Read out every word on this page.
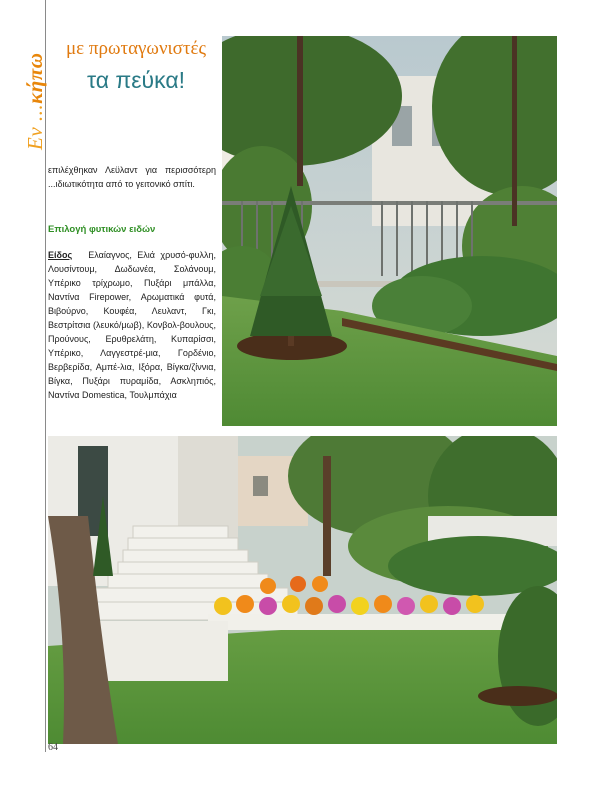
Εν ...κήπω
με πρωταγωνιστές
τα πεύκα!
επιλέχθηκαν Λεϋλαντ για περισσότερη ...ιδιωτικότητα από το γειτονικό σπίτι.
Επιλογή φυτικών ειδών
Είδος Ελαίαγνος, Ελιά χρυσό-φυλλη, Λουσίντουμ, Δωδωνέα, Σολάνουμ, Υπέρικο τρίχρωμο, Πυξάρι μπάλλα, Ναντίνα Firepower, Αρωματικά φυτά, Βιβούρνο, Κουφέα, Λευλαντ, Γκι, Βεστρίτσια (λευκό/μωβ), Κονβολ-βουλους, Πρoύνους, Ερυθρελάτη, Κυπαρίσσι, Υπέρικο, Λαγγεστρέ-μια, Γορδένιο, Βερβερίδα, Αμπέ-λια, Ιξόρα, Βίγκα/ζίννια, Βίγκα, Πυξάρι πυραμίδα, Ασκληπιός, Ναντίνα Domestica, Τουλμπάχια
64
